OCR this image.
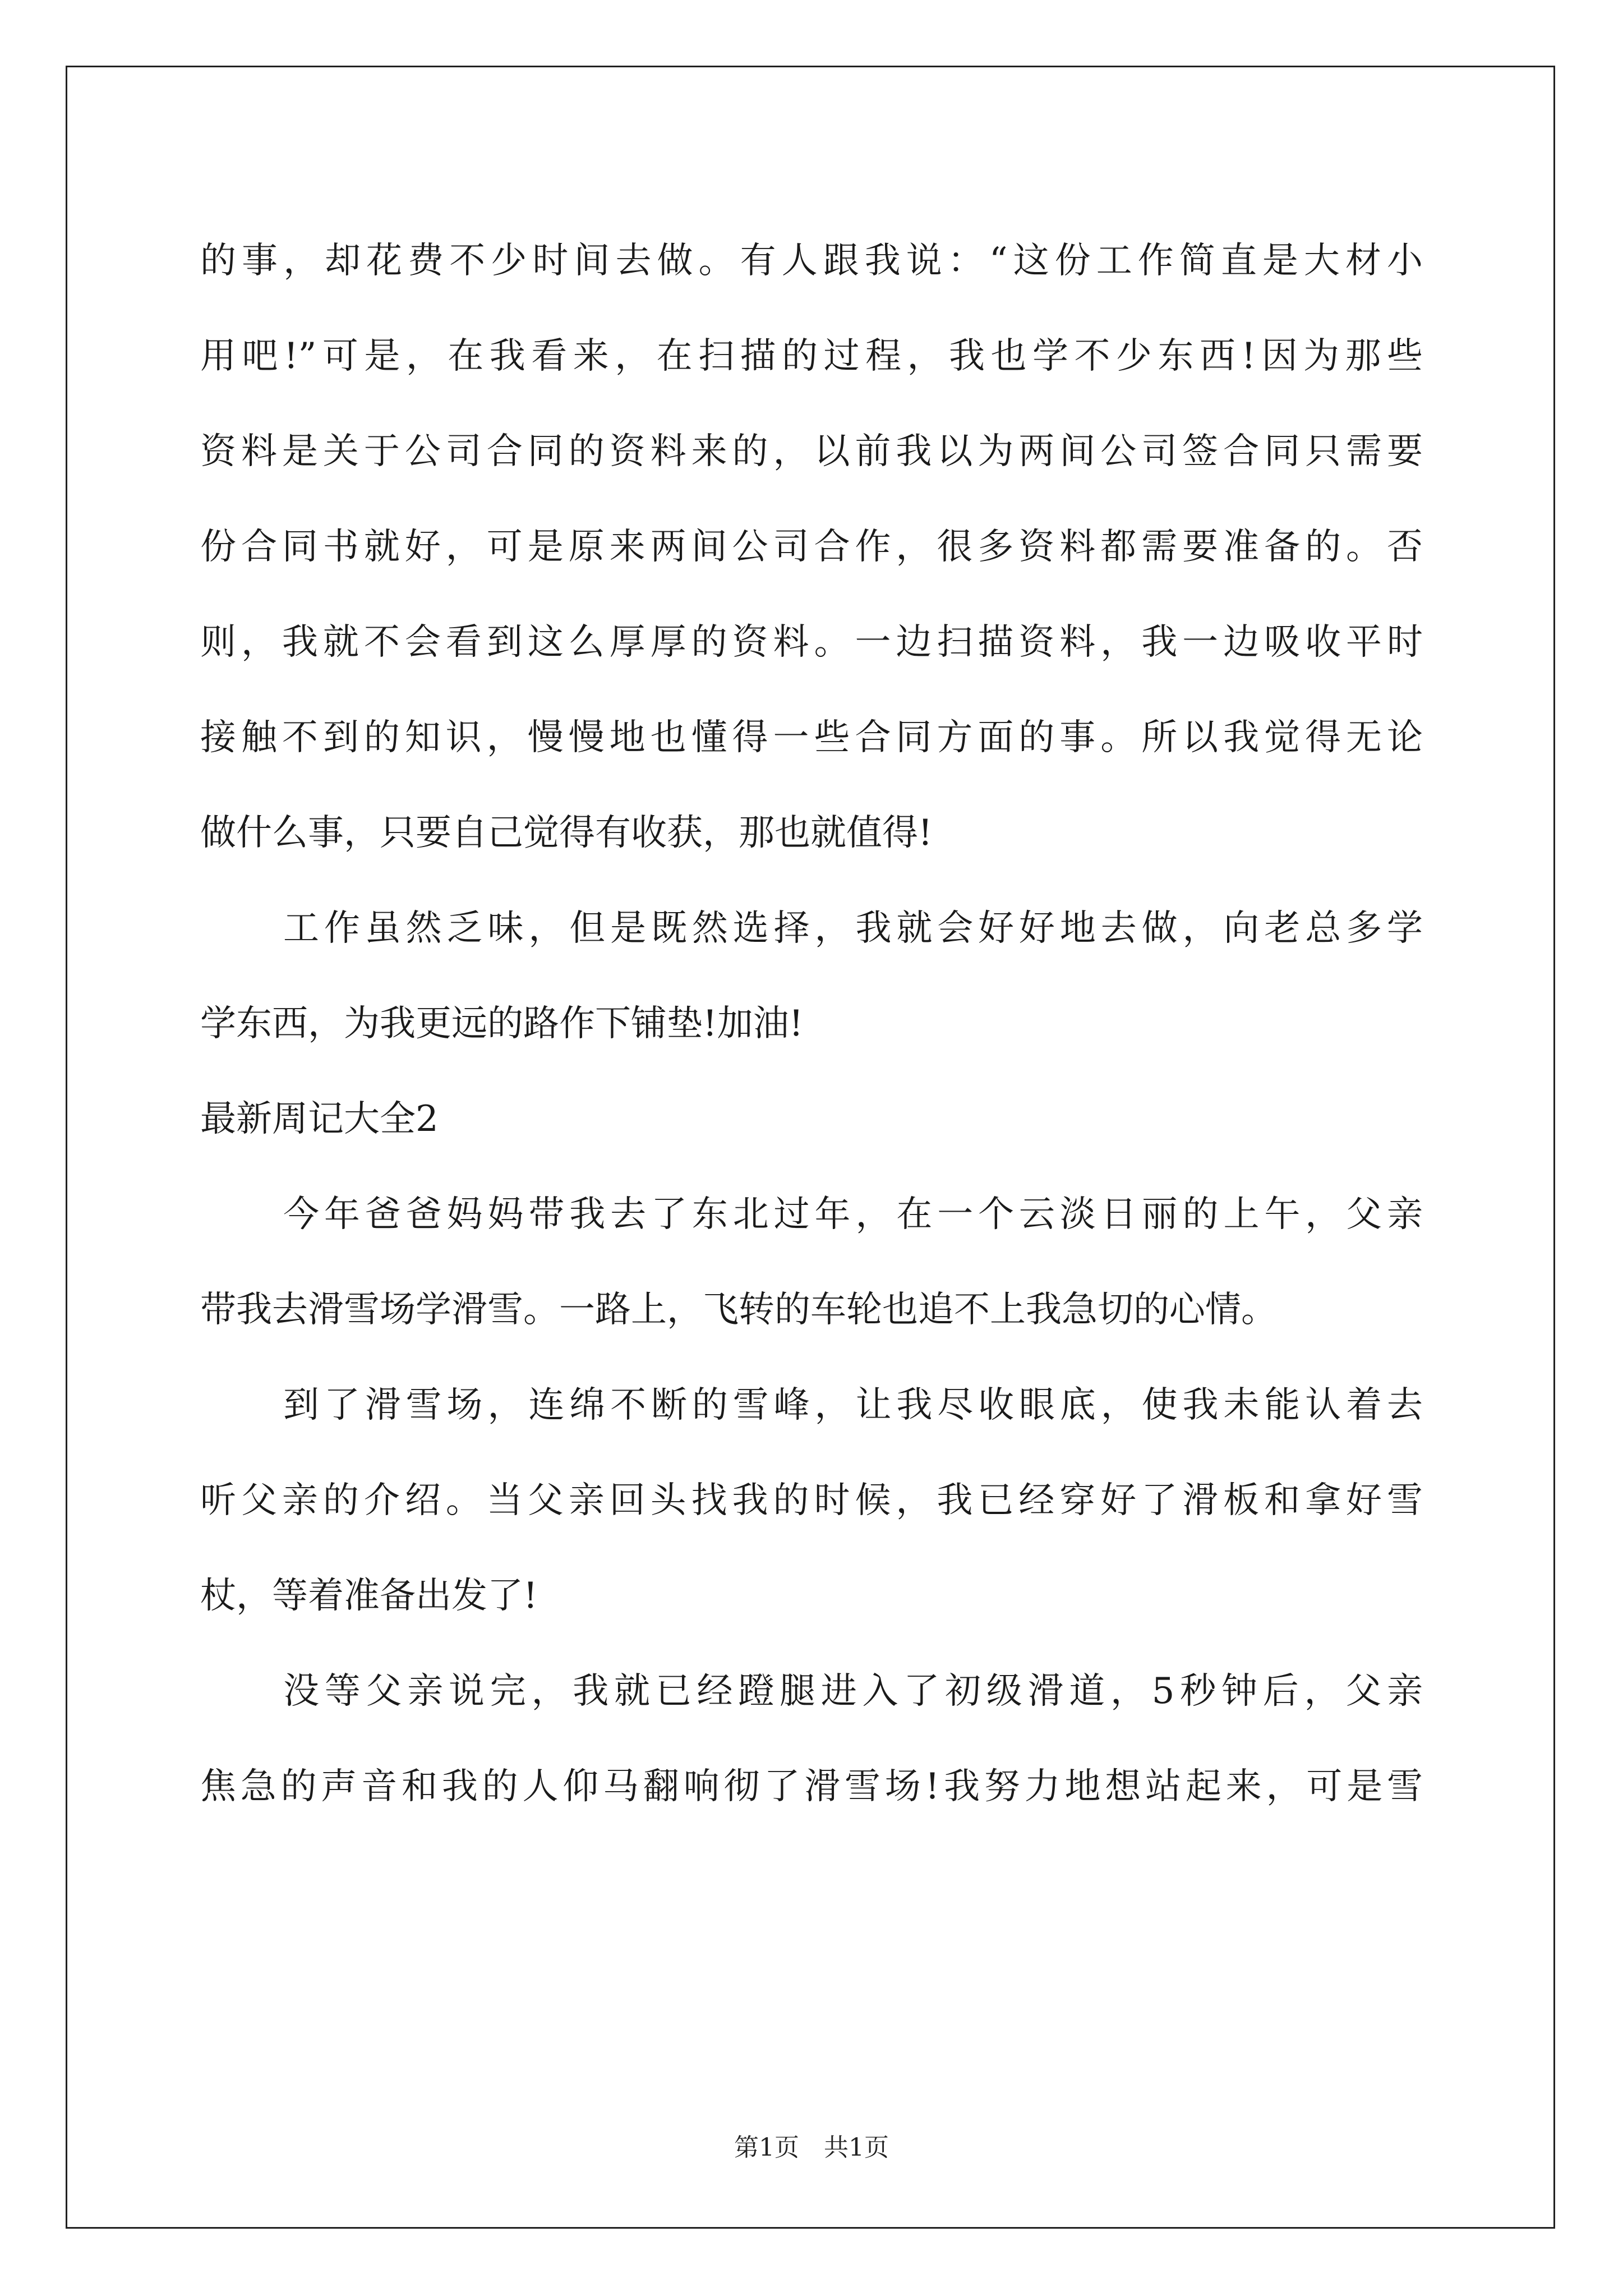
的事，却花费不少时间去做。有人跟我说：“这份工作简直是大材小
用吧!”可是，在我看来，在扫描的过程，我也学不少东西!因为那些
资料是关于公司合同的资料来的，以前我以为两间公司签合同只需要
份合同书就好，可是原来两间公司合作，很多资料都需要准备的。否
则，我就不会看到这么厚厚的资料。一边扫描资料，我一边吸收平时
接触不到的知识，慢慢地也懂得一些合同方面的事。所以我觉得无论
做什么事，只要自己觉得有收获，那也就值得!
工作虽然乏味，但是既然选择，我就会好好地去做，向老总多学
学东西，为我更远的路作下铺垫!加油!
最新周记大全2
今年爸爸妈妈带我去了东北过年，在一个云淡日丽的上午，父亲
带我去滑雪场学滑雪。一路上，飞转的车轮也追不上我急切的心情。
到了滑雪场，连绵不断的雪峰，让我尽收眼底，使我未能认着去
听父亲的介绍。当父亲回头找我的时候，我已经穿好了滑板和拿好雪
杖，等着准备出发了!
没等父亲说完，我就已经蹬腿进入了初级滑道，5秒钟后，父亲
焦急的声音和我的人仰马翻响彻了滑雪场!我努力地想站起来，可是雪
第1页　共1页
